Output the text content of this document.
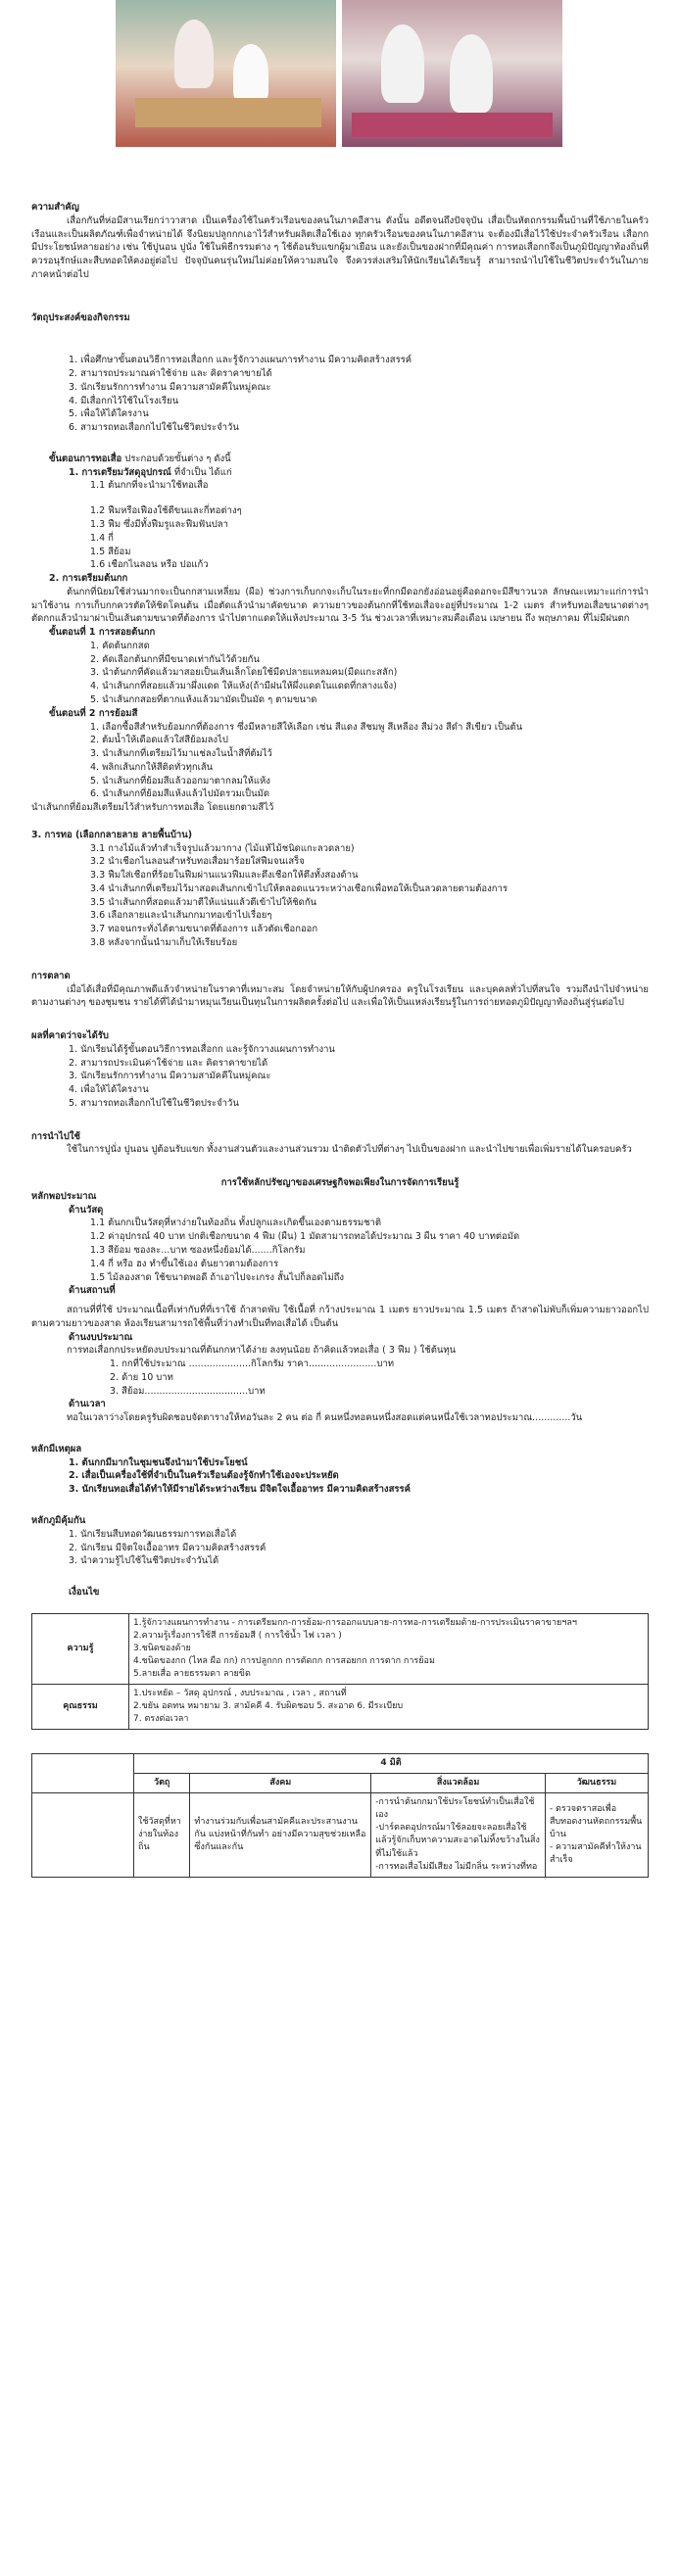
ความสำคัญ

เสื่อกกันที่ห่อมีสานเรียกว่าวาสาด เป็นเครื่องใช้ในครัวเรือนของคนในภาคอีสาน ดังนั้น อดีตจนถึงปัจจุบัน เสื่อเป็นหัตถกรรมพื้นบ้านที่ใช้ภายในครัวเรือนและเป็นผลิตภัณฑ์เพื่อจำหน่ายได้ จึงนิยมปลูกกกเอาไว้สำหรับผลิตเสื่อใช้เอง ทุกครัวเรือนของคนในภาคอีสาน จะต้องมีเสื่อไว้ใช้ประจำครัวเรือน เสื่อกกมีประโยชน์หลายอย่าง เช่น ใช้ปูนอน ปูนั่ง ใช้ในพิธีกรรมต่าง ๆ ใช้ต้อนรับแขกผู้มาเยือน และยังเป็นของฝากที่มีคุณค่า การทอเสื่อกกจึงเป็นภูมิปัญญาท้องถิ่นที่ควรอนุรักษ์และสืบทอดให้คงอยู่ต่อไป ปัจจุบันคนรุ่นใหม่ไม่ค่อยให้ความสนใจ จึงควรส่งเสริมให้นักเรียนได้เรียนรู้ สามารถนำไปใช้ในชีวิตประจำวันในภายภาคหน้าต่อไป

วัตถุประสงค์ของกิจกรรม

1. เพื่อศึกษาขั้นตอนวิธีการทอเสื่อกก และรู้จักวางแผนการทำงาน มีความคิดสร้างสรรค์
2. สามารถประมาณค่าใช้จ่าย และ คิดราคาขายได้
3. นักเรียนรักการทำงาน มีความสามัคคีในหมู่คณะ
4. มีเสื่อกกไว้ใช้ในโรงเรียน
5. เพื่อให้ได้ใครงาน
6. สามารถทอเสื่อกกไปใช้ในชีวิตประจำวัน

ขั้นตอนการทอเสื่อ ประกอบด้วยขั้นต่าง ๆ ดังนี้

1. การเตรียมวัสดุอุปกรณ์ ที่จำเป็น ได้แก่

1.1 ต้นกกที่จะนำมาใช้ทอเสื่อ

1.2 ฟืมหรือเฟืองใช้ตีขนและกี่ทอต่างๆ

1.3 ฟืม ซึ่งมีทั้งฟืมรูและฟืมฟันปลา

1.4 กี่

1.5 สีย้อม

1.6 เชือกไนลอน หรือ ปอแก้ว

2. การเตรียมต้นกก

ต้นกกที่นิยมใช้ส่วนมากจะเป็นกกสามเหลี่ยม (ผือ) ช่วงการเก็บกกจะเก็บในระยะที่กกมีดอกยังอ่อนอยู่คือดอกจะมีสีขาวนวล ลักษณะเหมาะแก่การนำมาใช้งาน การเก็บกกควรตัดให้ชิดโคนต้น เมื่อตัดแล้วนำมาคัดขนาด ความยาวของต้นกกที่ใช้ทอเสื่อจะอยู่ที่ประมาณ 1-2 เมตร สำหรับทอเสื่อขนาดต่างๆ ตัดกกแล้วนำมาผ่าเป็นเส้นตามขนาดที่ต้องการ นำไปตากแดดให้แห้งประมาณ 3-5 วัน ช่วงเวลาที่เหมาะสมคือเดือน เมษายน ถึง พฤษภาคม ที่ไม่มีฝนตก

ขั้นตอนที่ 1 การสอยต้นกก

1. คัดต้นกกสด

2. คัดเลือกต้นกกที่มีขนาดเท่ากันไว้ด้วยกัน

3. นำต้นกกที่คัดแล้วมาสอยเป็นเส้นเล็กโดยใช้มีดปลายแหลมคม(มีดแกะสลัก)

4. นำเส้นกกที่สอยแล้วมาผึ่งแดด ให้แห้ง(ถ้ามีฝนให้ผึ่งแดดในแดดที่กลางแจ้ง)

5. นำเส้นกกสอยที่ตากแห้งแล้วมามัดเป็นมัด ๆ ตามขนาด

ขั้นตอนที่ 2 การย้อมสี

1. เลือกซื้อสีสำหรับย้อมกกที่ต้องการ ซึ่งมีหลายสีให้เลือก เช่น สีแดง สีชมพู สีเหลือง สีม่วง สีดำ สีเขียว เป็นต้น

2. ต้มน้ำให้เดือดแล้วใส่สีย้อมลงไป

3. นำเส้นกกที่เตรียมไว้มาแช่ลงในน้ำสีที่ต้มไว้

4. พลิกเส้นกกให้สีติดทั่วทุกเส้น

5. นำเส้นกกที่ย้อมสีแล้วออกมาตากลมให้แห้ง

6. นำเส้นกกที่ย้อมสีแห้งแล้วไปมัดรวมเป็นมัด

นำเส้นกกที่ย้อมสีเตรียมไว้สำหรับการทอเสื่อ โดยแยกตามสีไว้

3. การทอ (เลือกกลายลาย ลายพื้นบ้าน)

3.1 กางไม้แล้วทำสำเร็จรูปแล้วมากาง (ไม้แท้ไม้ชนิดแกะลวดลาย)

3.2 นำเชือกไนลอนสำหรับทอเสื่อมาร้อยใส่ฟืมจนเสร็จ

3.3 ฟืมใส่เชือกที่ร้อยในฟืมผ่านแนวฟืมและดึงเชือกให้ตึงทั้งสองด้าน

3.4 นำเส้นกกที่เตรียมไว้มาสอดเส้นกกเข้าไปให้ตลอดแนวระหว่างเชือกเพื่อทอให้เป็นลวดลายตามต้องการ

3.5 นำเส้นกกที่สอดแล้วมาตีให้แน่นแล้วตีเข้าไปให้ชิดกัน

3.6 เลือกลายและนำเส้นกกมาทอเข้าไปเรื่อยๆ

3.7 ทอจนกระทั่งได้ตามขนาดที่ต้องการ แล้วตัดเชือกออก

3.8 หลังจากนั้นนำมาเก็บให้เรียบร้อย

การตลาด

เมื่อได้เสื่อที่มีคุณภาพดีแล้วจำหน่ายในราคาที่เหมาะสม โดยจำหน่ายให้กับผู้ปกครอง ครูในโรงเรียน และบุคคลทั่วไปที่สนใจ รวมถึงนำไปจำหน่ายตามงานต่างๆ ของชุมชน รายได้ที่ได้นำมาหมุนเวียนเป็นทุนในการผลิตครั้งต่อไป และเพื่อให้เป็นแหล่งเรียนรู้ในการถ่ายทอดภูมิปัญญาท้องถิ่นสู่รุ่นต่อไป

ผลที่คาดว่าจะได้รับ

1. นักเรียนได้รู้ขั้นตอนวิธีการทอเสื่อกก และรู้จักวางแผนการทำงาน

2. สามารถประเมินค่าใช้จ่าย และ คิดราคาขายได้

3. นักเรียนรักการทำงาน มีความสามัคคีในหมู่คณะ

4. เพื่อให้ได้ใครงาน

5. สามารถทอเสื่อกกไปใช้ในชีวิตประจำวัน

การนำไปใช้

ใช้ในการปูนั่ง ปูนอน ปูต้อนรับแขก ทั้งงานส่วนตัวและงานส่วนรวม นำติดตัวไปที่ต่างๆ ไปเป็นของฝาก และนำไปขายเพื่อเพิ่มรายได้ในครอบครัว

การใช้หลักปรัชญาของเศรษฐกิจพอเพียงในการจัดการเรียนรู้

หลักพอประมาณ

ด้านวัสดุ

1.1 ต้นกกเป็นวัสดุที่หาง่ายในท้องถิ่น ทั้งปลูกและเกิดขึ้นเองตามธรรมชาติ

1.2 ค่าอุปกรณ์ 40 บาท ปกติเชือกขนาด 4 ฟืม (ผืน) 1 มัดสามารถทอได้ประมาณ 3 ผืน ราคา 40 บาทต่อมัด

1.3 สีย้อม ซองละ...บาท ซองหนึ่งย้อมได้.......กิโลกรัม

1.4 กี่ หรือ ฮง ทำขึ้นใช้เอง ต้นยาวตามต้องการ

1.5 ไม้ลองสาด ใช้ขนาดพอดี ถ้าเอาไปจะเกรง สั้นไปก็ลอดไม่ถึง

ด้านสถานที่

สถานที่ที่ใช้ ประมาณเนื้อที่เท่ากับที่ที่เราใช้ ถ้าสาดพับ ใช้เนื้อที่ กว้างประมาณ 1 เมตร ยาวประมาณ 1.5 เมตร ถ้าสาดไม่พับก็เพิ่มความยาวออกไปตามความยาวของสาด ห้องเรียนสามารถใช้พื้นที่ว่างทำเป็นที่ทอเสื่อได้ เป็นต้น

ด้านงบประมาณ

การทอเสื่อกกประหยัดงบประมาณที่ต้นกกหาได้ง่าย ลงทุนน้อย ถ้าคิดแล้วทอเสื่อ ( 3 ฟืม ) ใช้ต้นทุน

1. กกที่ใช้ประมาณ .....................กิโลกรัม ราคา.......................บาท

2. ด้าย 10 บาท

3. สีย้อม...................................บาท

ด้านเวลา

ทอในเวลาว่างโดยครูรับผิดชอบจัดตารางให้ทอวันละ 2 คน ต่อ กี่ คนหนึ่งทอคนหนึ่งสอดแต่คนหนึ่งใช้เวลาทอประมาณ.............วัน

หลักมีเหตุผล

1. ต้นกกมีมากในชุมชนจึงนำมาใช้ประโยชน์

2. เสื่อเป็นเครื่องใช้ที่จำเป็นในครัวเรือนต้องรู้จักทำใช้เองจะประหยัด

3. นักเรียนทอเสื่อได้ทำให้มีรายได้ระหว่างเรียน มีจิตใจเอื้ออาทร มีความคิดสร้างสรรค์

หลักภูมิคุ้มกัน

1. นักเรียนสืบทอดวัฒนธรรมการทอเสื่อได้

2. นักเรียน มีจิตใจเอื้ออาทร มีความคิดสร้างสรรค์

3. นำความรู้ไปใช้ในชีวิตประจำวันได้

เงื่อนไข

ความรู้	1.รู้จักวางแผนการทำงาน - การเตรียมกก-การย้อม-การออกแบบลาย-การทอ-การเตรียมด้าย-การประเมินราคาขายฯลฯ

2.ความรู้เรื่องการใช้สี การย้อมสี ( การใช้น้ำ ไฟ เวลา )

3.ชนิดของด้าย

4.ชนิดของกก (ไหล ผือ กก) การปลูกกก การตัดกก การสอยกก การตาก การย้อม

5.ลายเสื่อ ลายธรรมดา ลายขิด

คุณธรรม	1.ประหยัด – วัสดุ อุปกรณ์ , งบประมาณ , เวลา , สถานที่

2.ขยัน อดทน หมายาม 3. สามัคคี 4. รับผิดชอบ 5. สะอาด 6. มีระเบียบ

7. ตรงต่อเวลา

	4 มิติ			
	วัตถุ	สังคม	สิ่งแวดล้อม	วัฒนธรรม
	ใช้วัสดุที่หาง่ายในท้องถิ่น	ทำงานร่วมกับเพื่อนสามัคคีและประสานงานกัน แบ่งหน้าที่กันทำ อย่างมีความสุขช่วยเหลือซึ่งกันและกัน	-การนำต้นกกมาใช้ประโยชน์ทำเป็นเสื่อใช้เอง
-ปาร์ตลดอุปกรณ์มาใช้ลอยจะลอยเสื่อใช้แล้วรู้จักเก็บหาความสะอาดไม่ทิ้งขว้างในสิ่งที่ไม่ใช้แล้ว
-การทอเสื่อไม่มีเสียง ไม่มีกลิ่น ระหว่างที่ทอ	- ตรวจตราสอเพื่อสืบทอดงานหัตถกรรมพื้นบ้าน
- ความสามัคคีทำให้งานสำเร็จ
